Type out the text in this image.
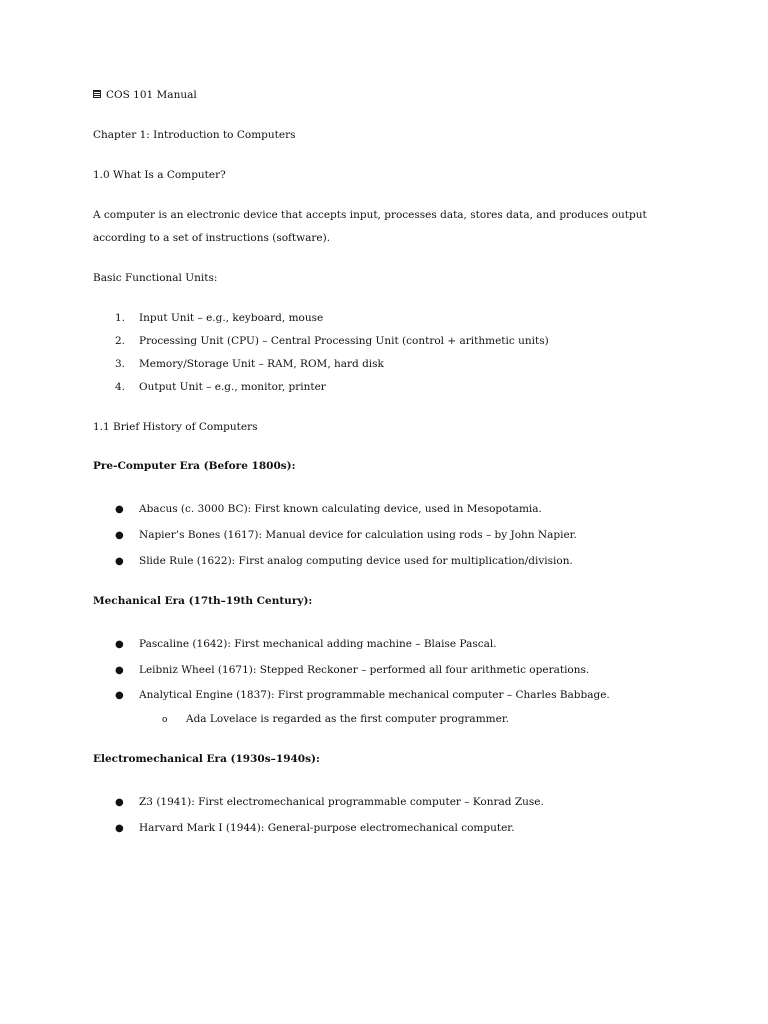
COS 101 Manual
Chapter 1: Introduction to Computers
1.0 What Is a Computer?
A computer is an electronic device that accepts input, processes data, stores data, and produces output according to a set of instructions (software).
Basic Functional Units:
1. Input Unit – e.g., keyboard, mouse
2. Processing Unit (CPU) – Central Processing Unit (control + arithmetic units)
3. Memory/Storage Unit – RAM, ROM, hard disk
4. Output Unit – e.g., monitor, printer
1.1 Brief History of Computers
Pre-Computer Era (Before 1800s):
● Abacus (c. 3000 BC): First known calculating device, used in Mesopotamia.
● Napier’s Bones (1617): Manual device for calculation using rods – by John Napier.
● Slide Rule (1622): First analog computing device used for multiplication/division.
Mechanical Era (17th–19th Century):
● Pascaline (1642): First mechanical adding machine – Blaise Pascal.
● Leibniz Wheel (1671): Stepped Reckoner – performed all four arithmetic operations.
● Analytical Engine (1837): First programmable mechanical computer – Charles Babbage.
o Ada Lovelace is regarded as the first computer programmer.
Electromechanical Era (1930s–1940s):
● Z3 (1941): First electromechanical programmable computer – Konrad Zuse.
● Harvard Mark I (1944): General-purpose electromechanical computer.
